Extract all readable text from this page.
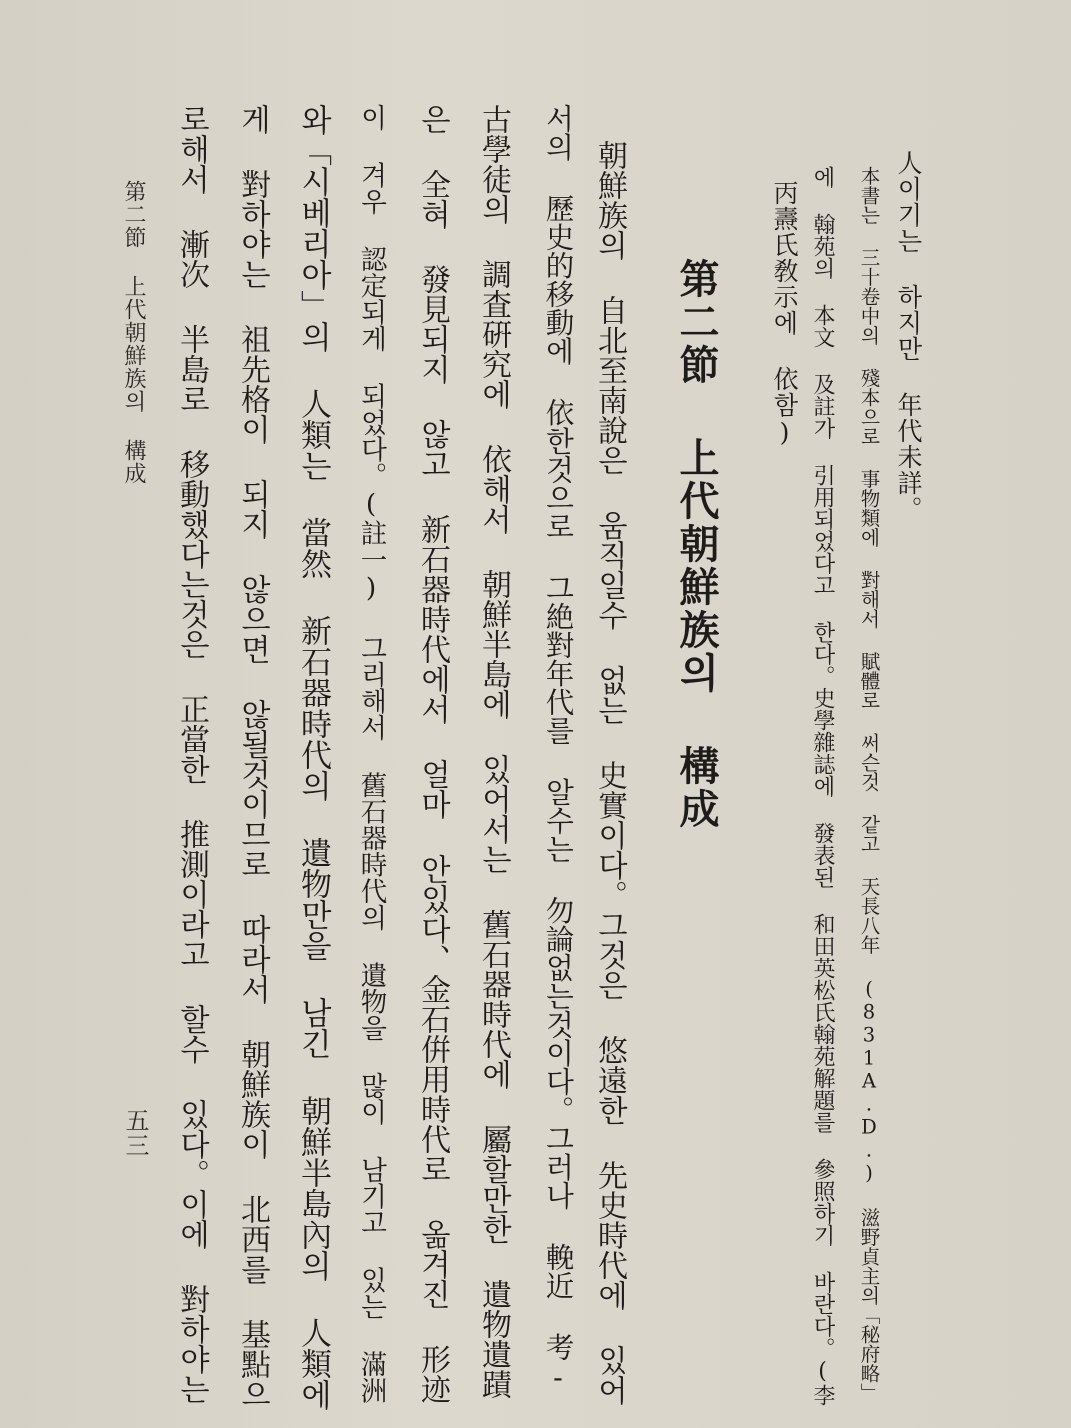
人이기는 하지만 年代未詳。
本書는 三十卷中의 殘本으로 事物類에 對해서 賦體로 써슨것 같고 天長八年 (831A.D.) 滋野貞主의「秘府略」
에 翰苑의 本文 及註가 引用되었다고 한다。史學雜誌에 發表된 和田英松氏翰苑解題를 參照하기 바란다。(李
丙燾氏敎示에 依함)
第二節 上代朝鮮族의 構成
朝鮮族의 自北至南說은 움직일수 없는 史實이다。그것은 悠遠한 先史時代에 있어
서의 歷史的移動에 依한것으로 그絶對年代를 알수는 勿論없는것이다。그러나 輓近 考-
古學徒의 調査硏究에 依해서 朝鮮半島에 있어서는 舊石器時代에 屬할만한 遺物遺蹟
은 全혀 發見되지 않고 新石器時代에서 얼마 안있다、金石倂用時代로 옮겨진 形迹
이 겨우 認定되게 되었다。(註一) 그리해서 舊石器時代의 遺物을 많이 남기고 있는 滿洲
와「시베리아」의 人類는 當然 新石器時代의 遺物만을 남긴 朝鮮半島內의 人類에
게 對하야는 祖先格이 되지 않으면 않될것이므로 따라서 朝鮮族이 北西를 基點으
로해서 漸次 半島로 移動했다는것은 正當한 推測이라고 할수 있다。이에 對하야는
第二節 上代朝鮮族의 構成
五三
